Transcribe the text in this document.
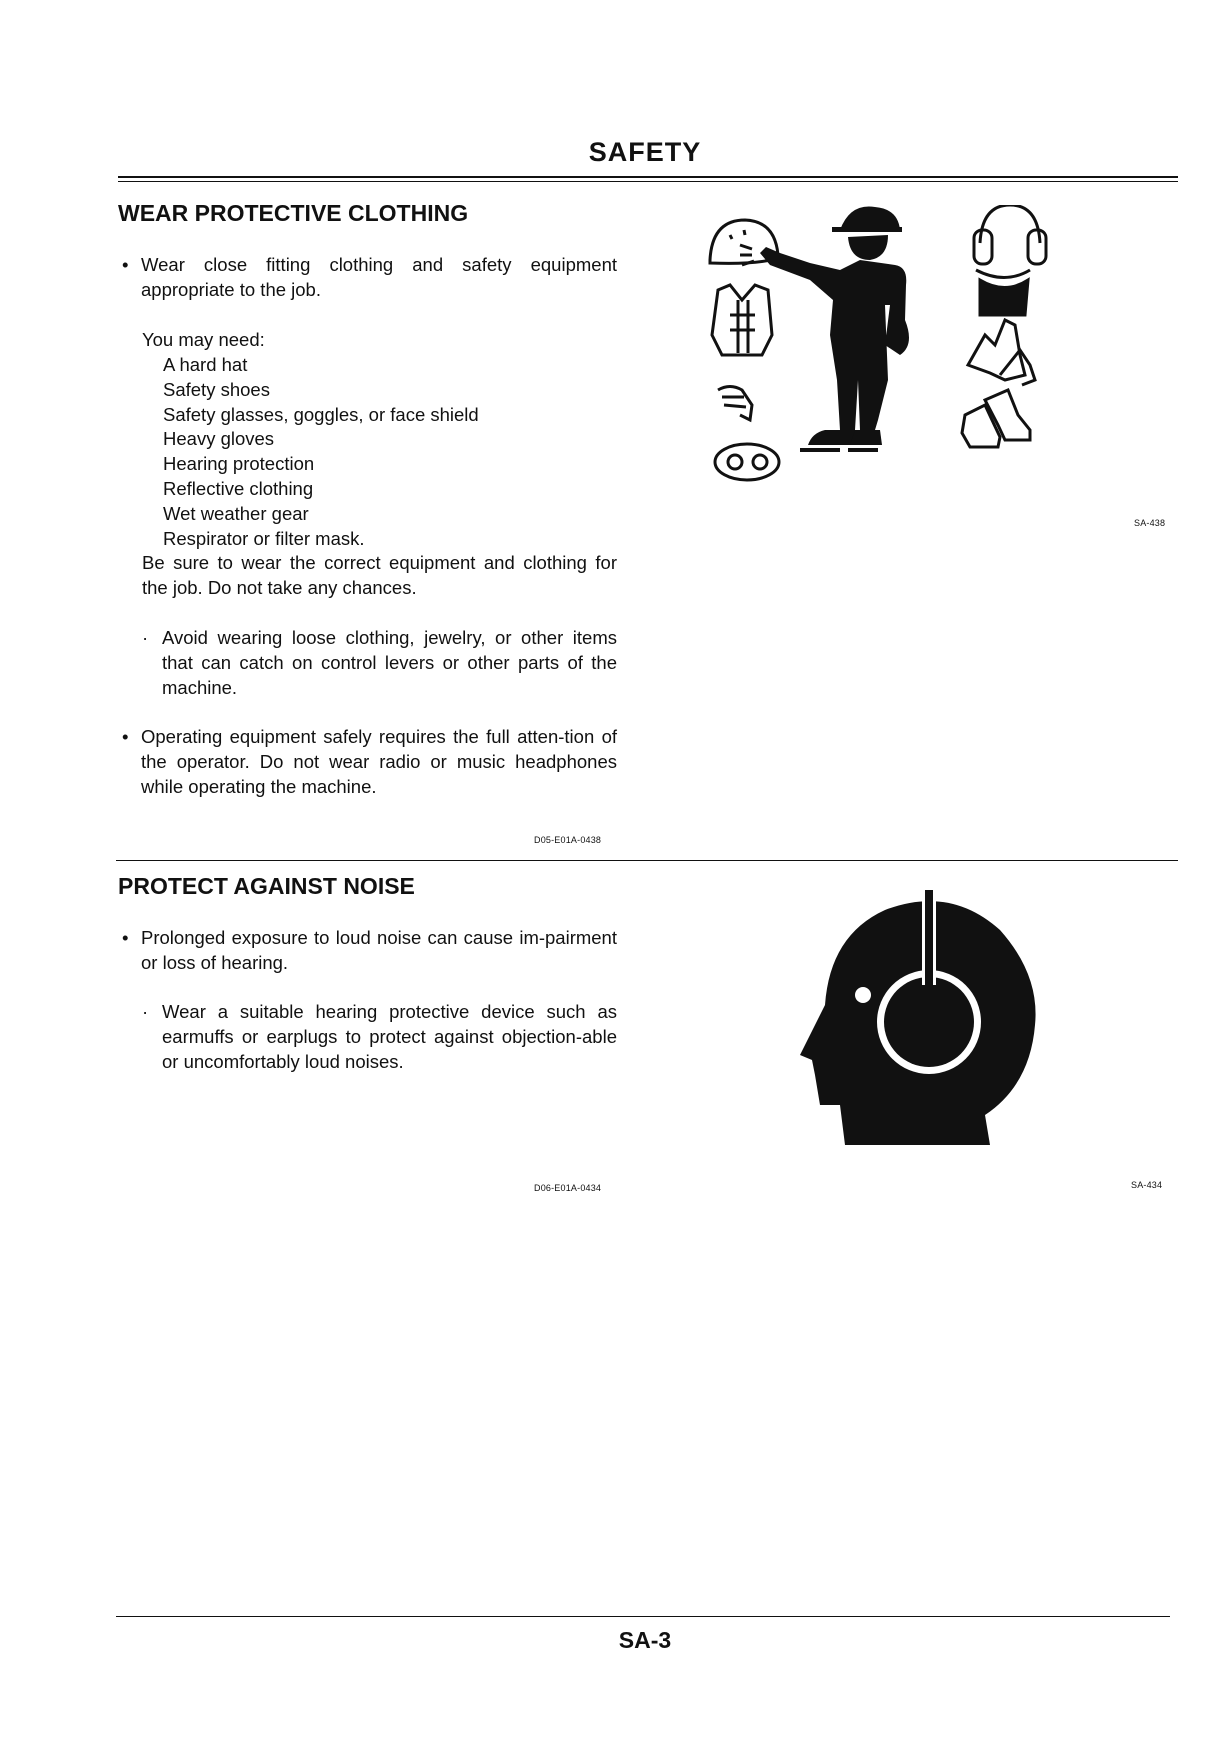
SAFETY
WEAR PROTECTIVE CLOTHING
• Wear close fitting clothing and safety equipment appropriate to the job.
You may need:
A hard hat
Safety shoes
Safety glasses, goggles, or face shield
Heavy gloves
Hearing protection
Reflective clothing
Wet weather gear
Respirator or filter mask.
Be sure to wear the correct equipment and clothing for the job. Do not take any chances.
· Avoid wearing loose clothing, jewelry, or other items that can catch on control levers or other parts of the machine.
• Operating equipment safely requires the full atten-tion of the operator. Do not wear radio or music headphones while operating the machine.
D05-E01A-0438
SA-438
PROTECT AGAINST NOISE
• Prolonged exposure to loud noise can cause im-pairment or loss of hearing.
· Wear a suitable hearing protective device such as earmuffs or earplugs to protect against objection-able or uncomfortably loud noises.
D06-E01A-0434	SA-434
SA-3
